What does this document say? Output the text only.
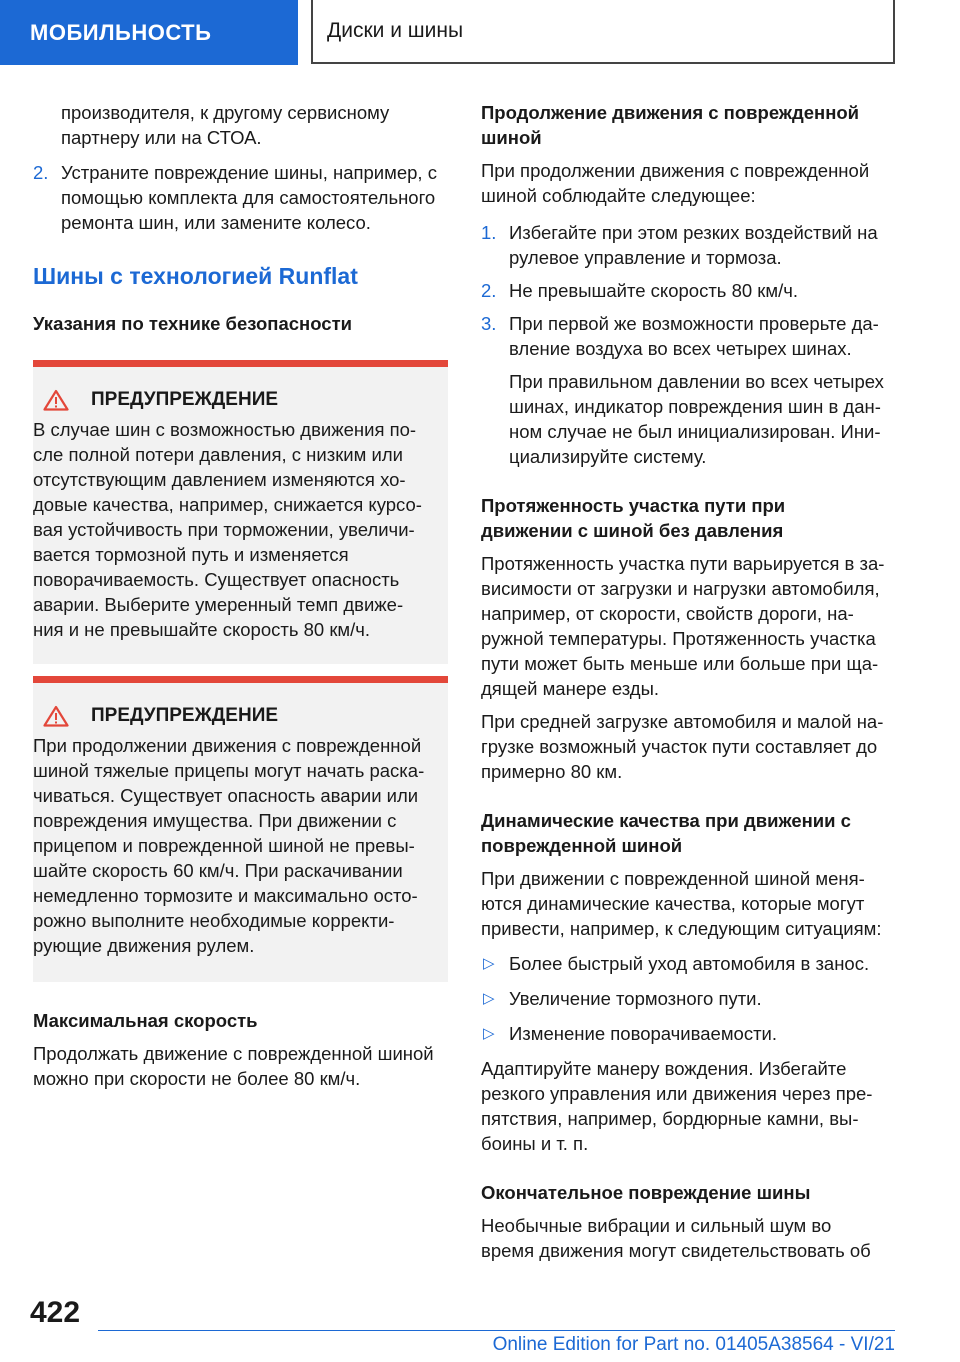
МОБИЛЬНОСТЬ	Диски и шины

производителя, к другому сервисному

партнеру или на СТОА.

2. Устраните повреждение шины, например, с
помощью комплекта для самостоятельного
ремонта шин, или замените колесо.
Шины с технологией Runflat
Указания по технике безопасности
ПРЕДУПРЕЖДЕНИЕ
В случае шин с возможностью движения по-
сле полной потери давления, с низким или
отсутствующим давлением изменяются хо-
довые качества, например, снижается курсо-
вая устойчивость при торможении, увеличи-
вается тормозной путь и изменяется
поворачиваемость. Существует опасность
аварии. Выберите умеренный темп движе-
ния и не превышайте скорость 80 км/ч.
ПРЕДУПРЕЖДЕНИЕ
При продолжении движения с поврежденной
шиной тяжелые прицепы могут начать раска-
чиваться. Существует опасность аварии или
повреждения имущества. При движении с
прицепом и поврежденной шиной не превы-
шайте скорость 60 км/ч. При раскачивании
немедленно тормозите и максимально осто-
рожно выполните необходимые корректи-
рующие движения рулем.
Максимальная скорость

Продолжать движение с поврежденной шиной

можно при скорости не более 80 км/ч.

Продолжение движения с поврежденной
шиной

При продолжении движения с поврежденной

шиной соблюдайте следующее:

1. Избегайте при этом резких воздействий на
рулевое управление и тормоза.
2. Не превышайте скорость 80 км/ч.
3. При первой же возможности проверьте да-
вление воздуха во всех четырех шинах.
При правильном давлении во всех четырех
шинах, индикатор повреждения шин в дан-
ном случае не был инициализирован. Ини-
циализируйте систему.
Протяженность участка пути при
движении с шиной без давления
Протяженность участка пути варьируется в за-
висимости от загрузки и нагрузки автомобиля,
например, от скорости, свойств дороги, на-
ружной температуры. Протяженность участка
пути может быть меньше или больше при ща-
дящей манере езды.
При средней загрузке автомобиля и малой на-
грузке возможный участок пути составляет до
примерно 80 км.
Динамические качества при движении с
поврежденной шиной
При движении с поврежденной шиной меня-
ются динамические качества, которые могут
привести, например, к следующим ситуациям:
▷ Более быстрый уход автомобиля в занос.
▷ Увеличение тормозного пути.
▷ Изменение поворачиваемости.
Адаптируйте манеру вождения. Избегайте
резкого управления или движения через пре-
пятствия, например, бордюрные камни, вы-
боины и т. п.
Окончательное повреждение шины
Необычные вибрации и сильный шум во
время движения могут свидетельствовать об
422
Online Edition for Part no. 01405A38564 - VI/21
